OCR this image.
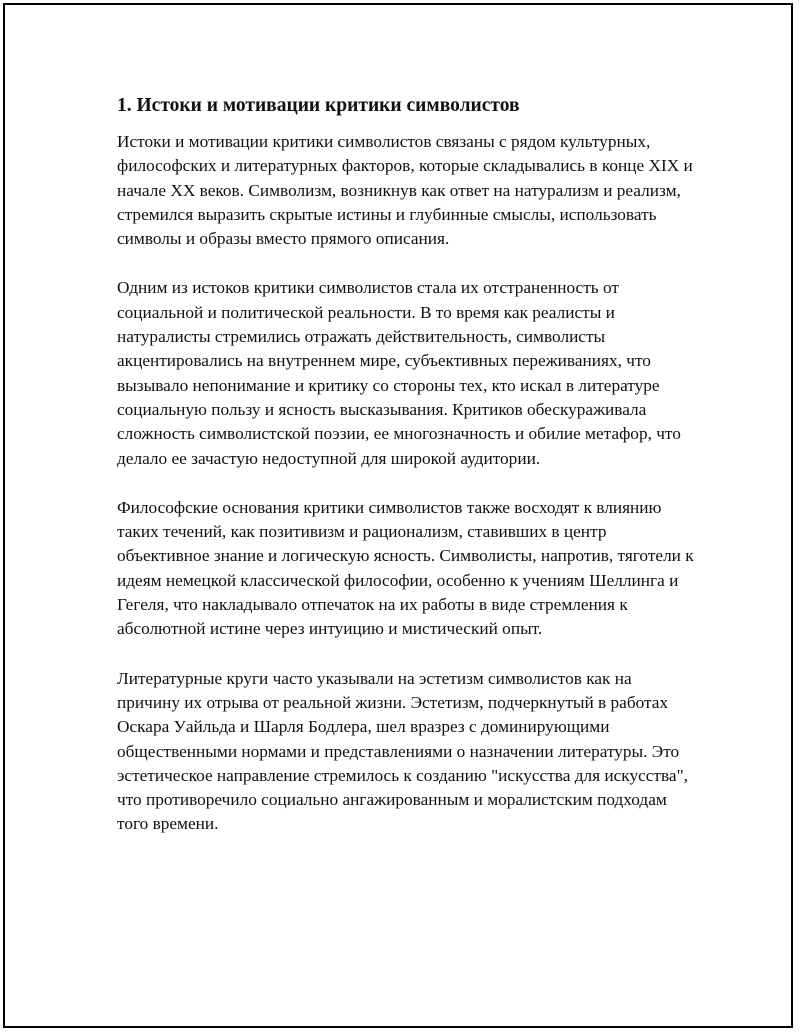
1. Истоки и мотивации критики символистов

Истоки и мотивации критики символистов связаны с рядом культурных, философских и литературных факторов, которые складывались в конце XIX и начале XX веков. Символизм, возникнув как ответ на натурализм и реализм, стремился выразить скрытые истины и глубинные смыслы, использовать символы и образы вместо прямого описания.

Одним из истоков критики символистов стала их отстраненность от социальной и политической реальности. В то время как реалисты и натуралисты стремились отражать действительность, символисты акцентировались на внутреннем мире, субъективных переживаниях, что вызывало непонимание и критику со стороны тех, кто искал в литературе социальную пользу и ясность высказывания. Критиков обескураживала сложность символистской поэзии, ее многозначность и обилие метафор, что делало ее зачастую недоступной для широкой аудитории.

Философские основания критики символистов также восходят к влиянию таких течений, как позитивизм и рационализм, ставивших в центр объективное знание и логическую ясность. Символисты, напротив, тяготели к идеям немецкой классической философии, особенно к учениям Шеллинга и Гегеля, что накладывало отпечаток на их работы в виде стремления к абсолютной истине через интуицию и мистический опыт.

Литературные круги часто указывали на эстетизм символистов как на причину их отрыва от реальной жизни. Эстетизм, подчеркнутый в работах Оскара Уайльда и Шарля Бодлера, шел вразрез с доминирующими общественными нормами и представлениями о назначении литературы. Это эстетическое направление стремилось к созданию "искусства для искусства", что противоречило социально ангажированным и моралистским подходам того времени.
